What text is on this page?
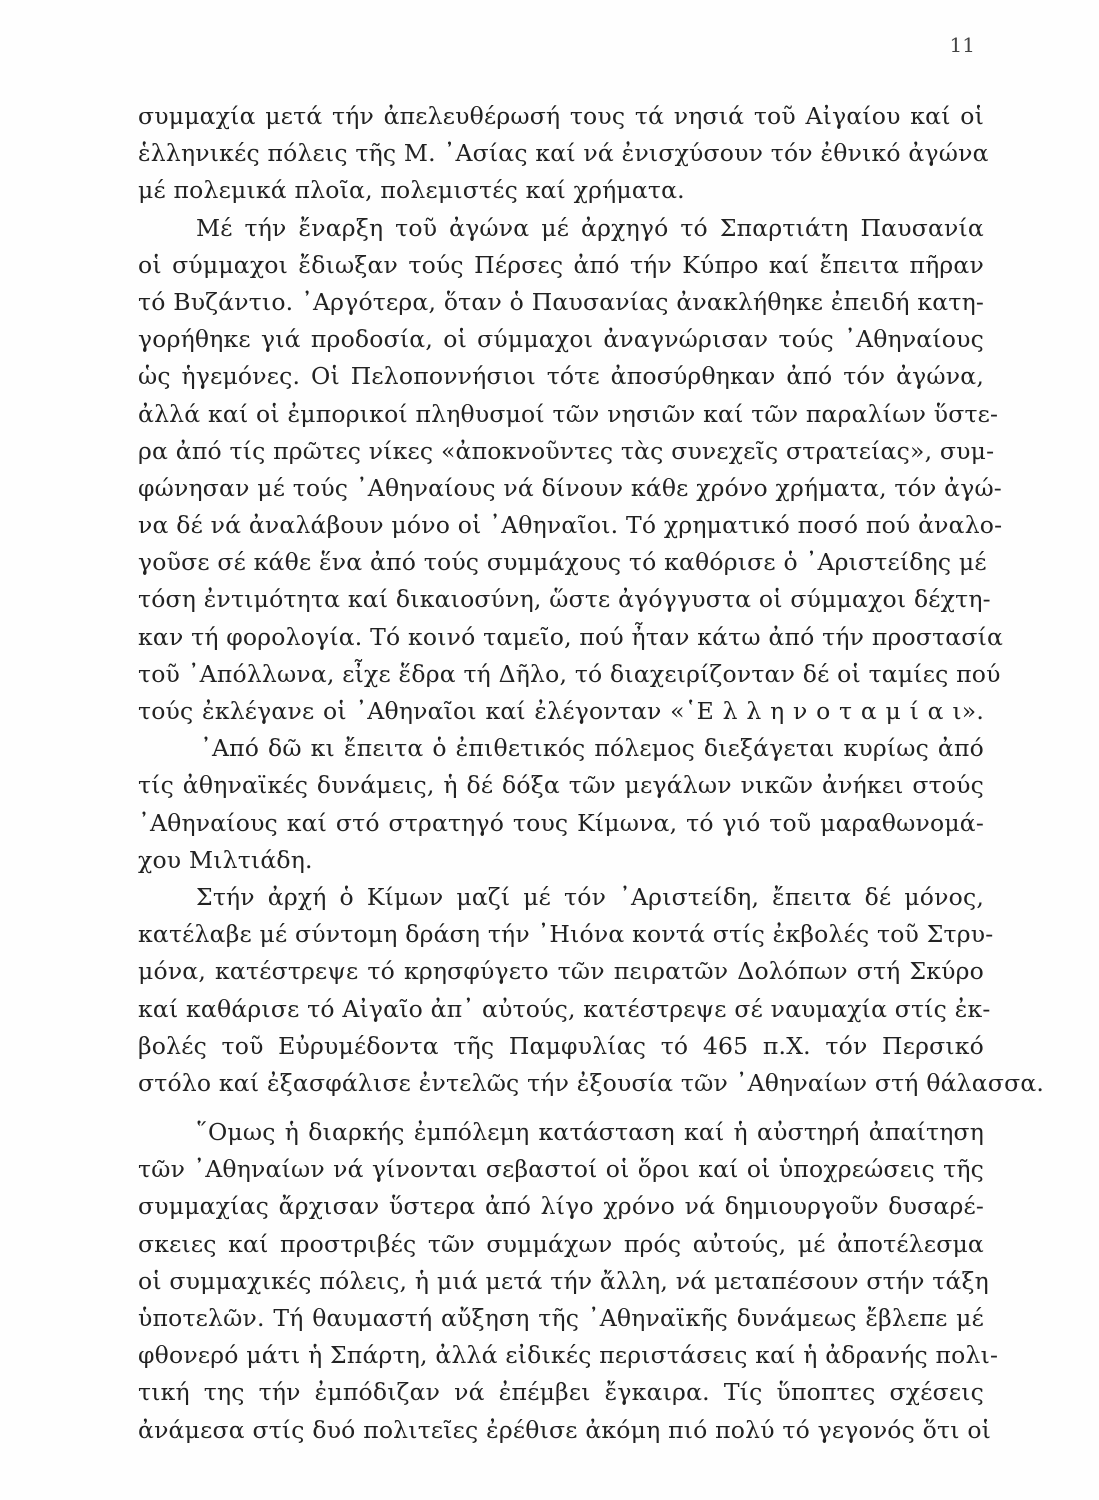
11
συμμαχία μετά τήν ἀπελευθέρωσή τους τά νησιά τοῦ Αἰγαίου καί οἱ
ἑλληνικές πόλεις τῆς Μ. ᾿Ασίας καί νά ἐνισχύσουν τόν ἐθνικό ἀγώνα
μέ πολεμικά πλοῖα, πολεμιστές καί χρήματα.
Μέ τήν ἔναρξη τοῦ ἀγώνα μέ ἀρχηγό τό Σπαρτιάτη Παυσανία
οἱ σύμμαχοι ἔδιωξαν τούς Πέρσες ἀπό τήν Κύπρο καί ἔπειτα πῆραν
τό Βυζάντιο. ᾿Αργότερα, ὅταν ὁ Παυσανίας ἀνακλήθηκε ἐπειδή κατη-
γορήθηκε γιά προδοσία, οἱ σύμμαχοι ἀναγνώρισαν τούς ᾿Αθηναίους
ὡς ἡγεμόνες. Οἱ Πελοποννήσιοι τότε ἀποσύρθηκαν ἀπό τόν ἀγώνα,
ἀλλά καί οἱ ἐμπορικοί πληθυσμοί τῶν νησιῶν καί τῶν παραλίων ὕστε-
ρα ἀπό τίς πρῶτες νίκες «ἀποκνοῦντες τὰς συνεχεῖς στρατείας», συμ-
φώνησαν μέ τούς ᾿Αθηναίους νά δίνουν κάθε χρόνο χρήματα, τόν ἀγώ-
να δέ νά ἀναλάβουν μόνο οἱ ᾿Αθηναῖοι. Τό χρηματικό ποσό πού ἀναλο-
γοῦσε σέ κάθε ἕνα ἀπό τούς συμμάχους τό καθόρισε ὁ ᾿Αριστείδης μέ
τόση ἐντιμότητα καί δικαιοσύνη, ὥστε ἀγόγγυστα οἱ σύμμαχοι δέχτη-
καν τή φορολογία. Τό κοινό ταμεῖο, πού ἦταν κάτω ἀπό τήν προστασία
τοῦ ᾿Απόλλωνα, εἶχε ἕδρα τή Δῆλο, τό διαχειρίζονταν δέ οἱ ταμίες πού
τούς ἐκλέγανε οἱ ᾿Αθηναῖοι καί ἐλέγονταν «῾Ε λ λ η ν ο τ α μ ί α ι».
᾿Από δῶ κι ἔπειτα ὁ ἐπιθετικός πόλεμος διεξάγεται κυρίως ἀπό
τίς ἀθηναϊκές δυνάμεις, ἡ δέ δόξα τῶν μεγάλων νικῶν ἀνήκει στούς
᾿Αθηναίους καί στό στρατηγό τους Κίμωνα, τό γιό τοῦ μαραθωνομά-
χου Μιλτιάδη.
Στήν ἀρχή ὁ Κίμων μαζί μέ τόν ᾿Αριστείδη, ἔπειτα δέ μόνος,
κατέλαβε μέ σύντομη δράση τήν ᾿Ηιόνα κοντά στίς ἐκβολές τοῦ Στρυ-
μόνα, κατέστρεψε τό κρησφύγετο τῶν πειρατῶν Δολόπων στή Σκύρο
καί καθάρισε τό Αἰγαῖο ἀπ᾿ αὐτούς, κατέστρεψε σέ ναυμαχία στίς ἐκ-
βολές τοῦ Εὐρυμέδοντα τῆς Παμφυλίας τό 465 π.Χ. τόν Περσικό
στόλο καί ἐξασφάλισε ἐντελῶς τήν ἐξουσία τῶν ᾿Αθηναίων στή θάλασσα.
῞Ομως ἡ διαρκής ἐμπόλεμη κατάσταση καί ἡ αὐστηρή ἀπαίτηση
τῶν ᾿Αθηναίων νά γίνονται σεβαστοί οἱ ὅροι καί οἱ ὑποχρεώσεις τῆς
συμμαχίας ἄρχισαν ὕστερα ἀπό λίγο χρόνο νά δημιουργοῦν δυσαρέ-
σκειες καί προστριβές τῶν συμμάχων πρός αὐτούς, μέ ἀποτέλεσμα
οἱ συμμαχικές πόλεις, ἡ μιά μετά τήν ἄλλη, νά μεταπέσουν στήν τάξη
ὑποτελῶν. Τή θαυμαστή αὔξηση τῆς ᾿Αθηναϊκῆς δυνάμεως ἔβλεπε μέ
φθονερό μάτι ἡ Σπάρτη, ἀλλά εἰδικές περιστάσεις καί ἡ ἀδρανής πολι-
τική της τήν ἐμπόδιζαν νά ἐπέμβει ἔγκαιρα. Τίς ὕποπτες σχέσεις
ἀνάμεσα στίς δυό πολιτεῖες ἐρέθισε ἀκόμη πιό πολύ τό γεγονός ὅτι οἱ
